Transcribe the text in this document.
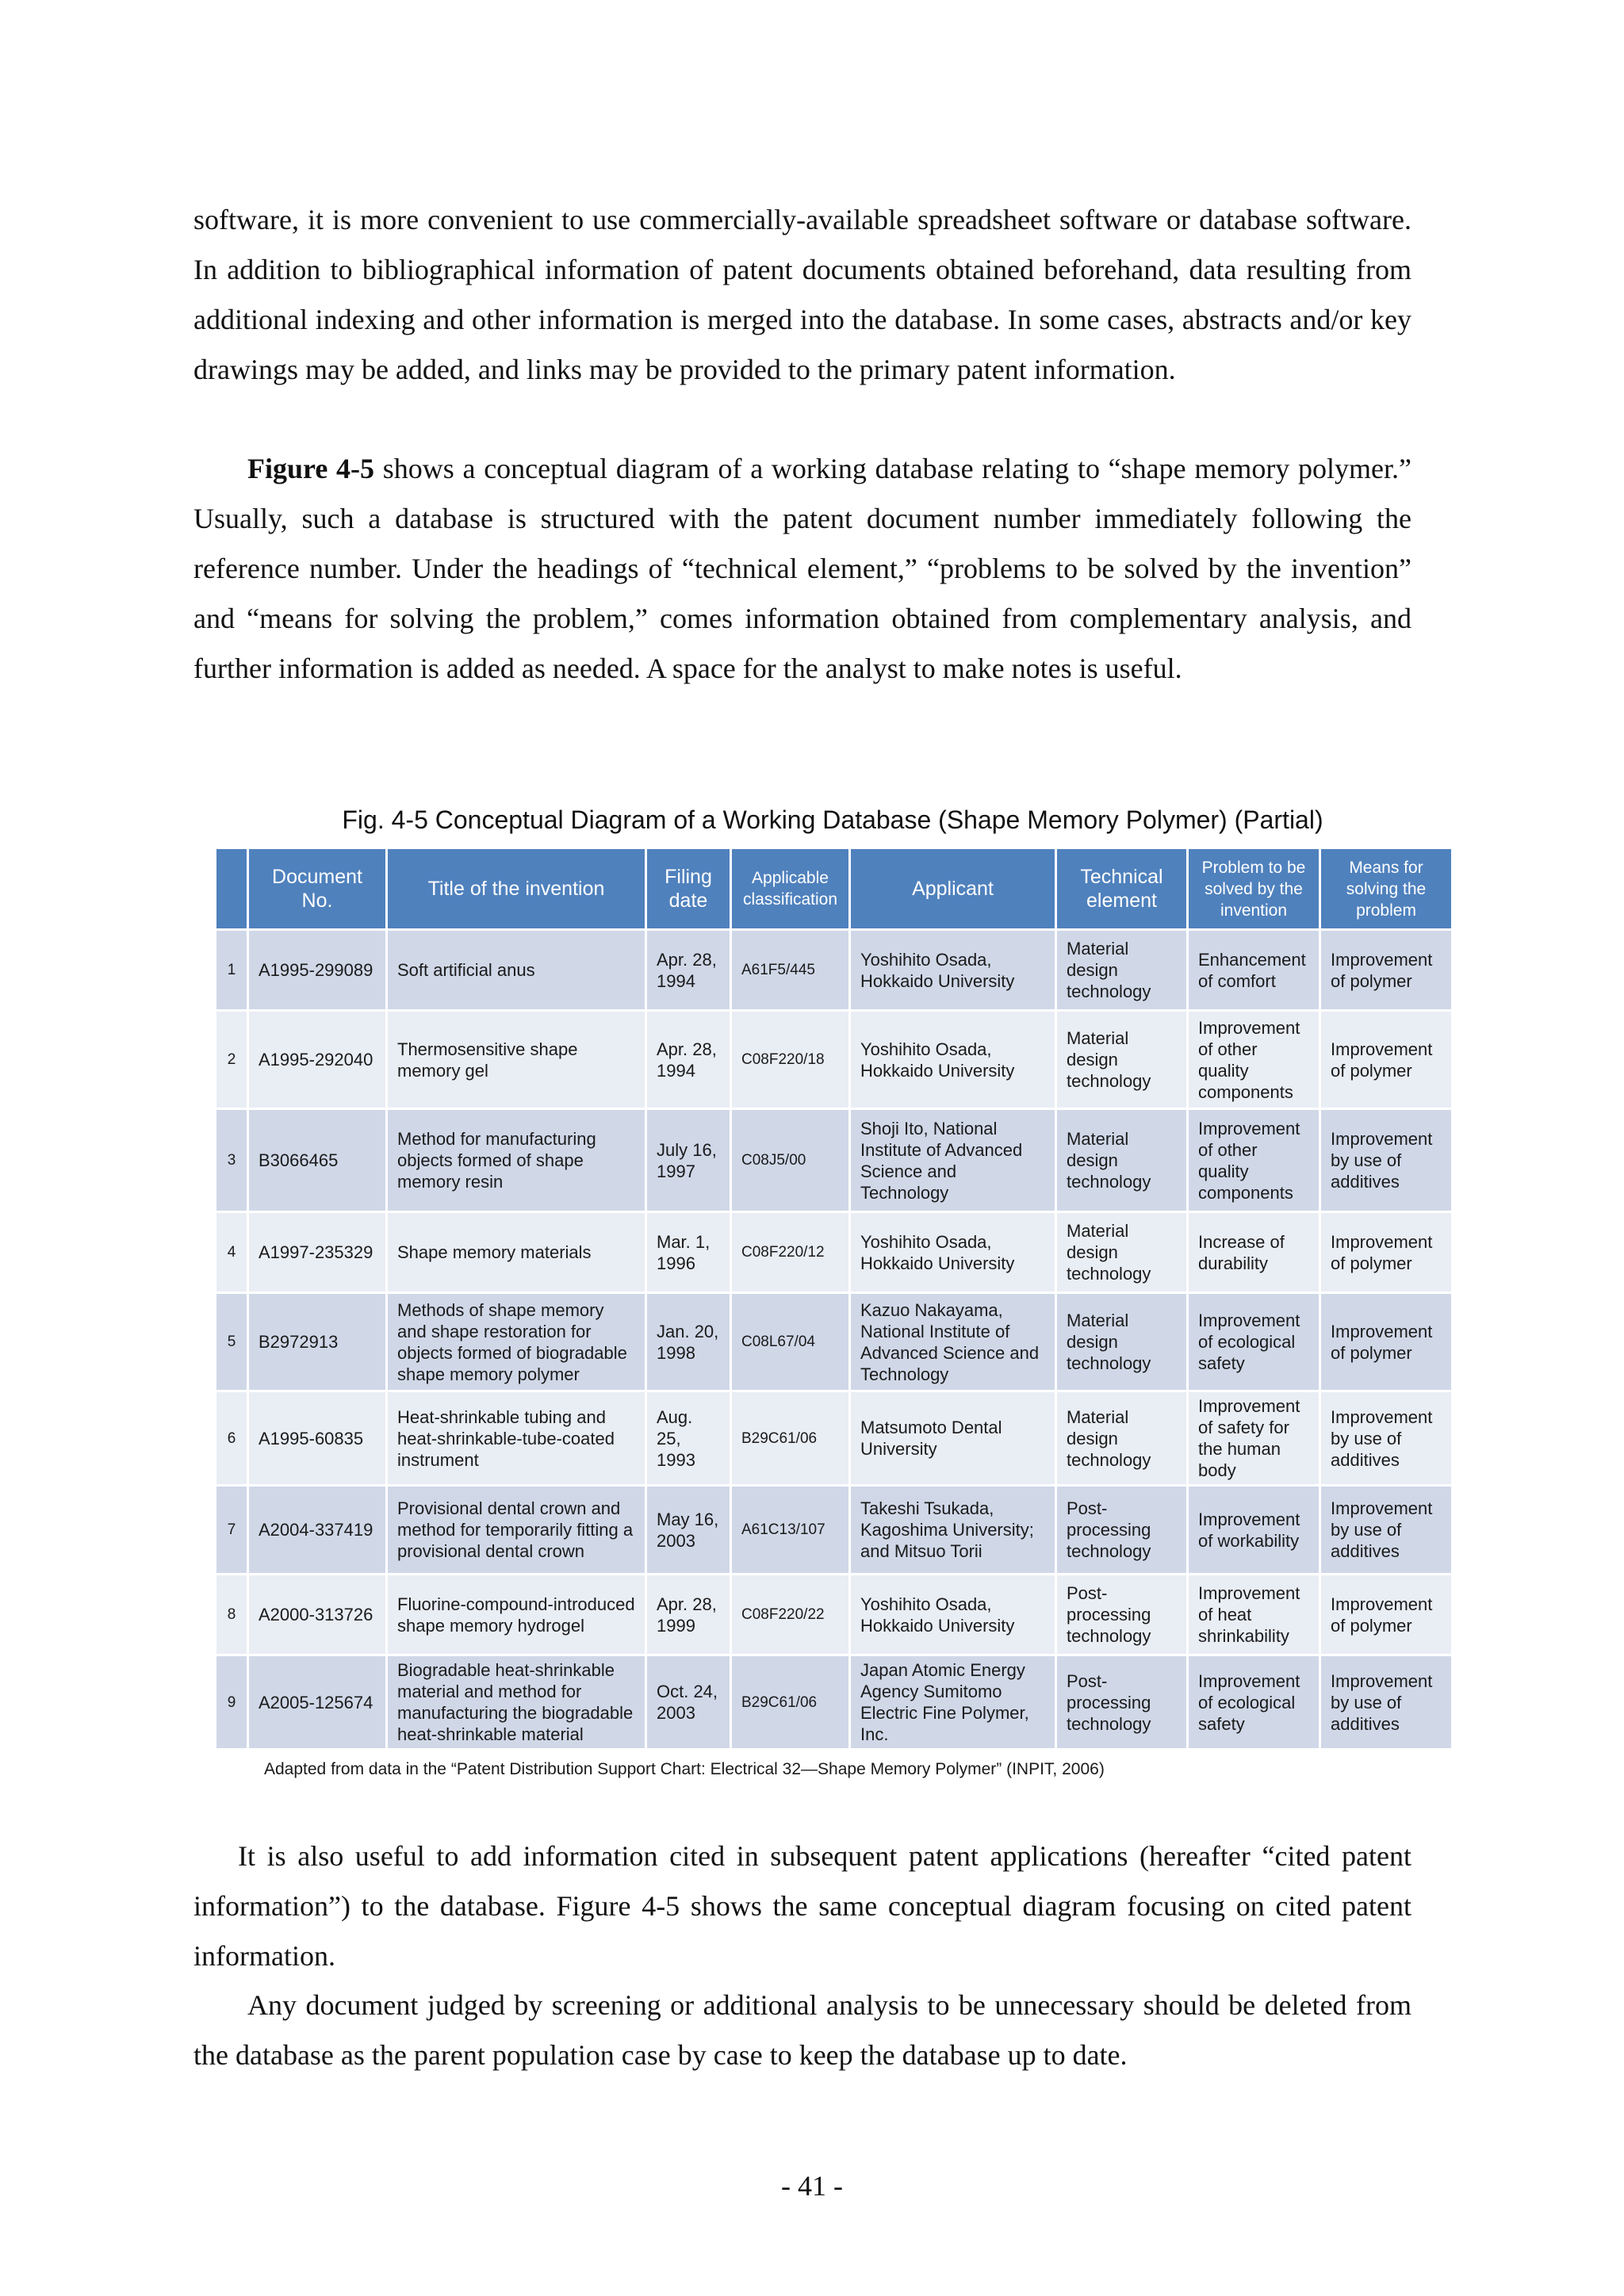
software, it is more convenient to use commercially-available spreadsheet software or database software. In addition to bibliographical information of patent documents obtained beforehand, data resulting from additional indexing and other information is merged into the database. In some cases, abstracts and/or key drawings may be added, and links may be provided to the primary patent information.

Figure 4-5 shows a conceptual diagram of a working database relating to “shape memory polymer.” Usually, such a database is structured with the patent document number immediately following the reference number. Under the headings of “technical element,” “problems to be solved by the invention” and “means for solving the problem,” comes information obtained from complementary analysis, and further information is added as needed. A space for the analyst to make notes is useful.

Fig. 4-5 Conceptual Diagram of a Working Database (Shape Memory Polymer) (Partial)
	Document No.	Title of the invention	Filing date	Applicable classification	Applicant	Technical element	Problem to be solved by the invention	Means for solving the problem
1	A1995-299089	Soft artificial anus	Apr. 28, 1994	A61F5/445	Yoshihito Osada, Hokkaido University	Material design technology	Enhancement of comfort	Improvement of polymer
2	A1995-292040	Thermosensitive shape memory gel	Apr. 28, 1994	C08F220/18	Yoshihito Osada, Hokkaido University	Material design technology	Improvement of other quality components	Improvement of polymer
3	B3066465	Method for manufacturing objects formed of shape memory resin	July 16, 1997	C08J5/00	Shoji Ito, National Institute of Advanced Science and Technology	Material design technology	Improvement of other quality components	Improvement by use of additives
4	A1997-235329	Shape memory materials	Mar. 1, 1996	C08F220/12	Yoshihito Osada, Hokkaido University	Material design technology	Increase of durability	Improvement of polymer
5	B2972913	Methods of shape memory and shape restoration for objects formed of biogradable shape memory polymer	Jan. 20, 1998	C08L67/04	Kazuo Nakayama, National Institute of Advanced Science and Technology	Material design technology	Improvement of ecological safety	Improvement of polymer
6	A1995-60835	Heat-shrinkable tubing and heat-shrinkable-tube-coated instrument	Aug. 25, 1993	B29C61/06	Matsumoto Dental University	Material design technology	Improvement of safety for the human body	Improvement by use of additives
7	A2004-337419	Provisional dental crown and method for temporarily fitting a provisional dental crown	May 16, 2003	A61C13/107	Takeshi Tsukada, Kagoshima University; and Mitsuo Torii	Post-processing technology	Improvement of workability	Improvement by use of additives
8	A2000-313726	Fluorine-compound-introduced shape memory hydrogel	Apr. 28, 1999	C08F220/22	Yoshihito Osada, Hokkaido University	Post-processing technology	Improvement of heat shrinkability	Improvement of polymer
9	A2005-125674	Biogradable heat-shrinkable material and method for manufacturing the biogradable heat-shrinkable material	Oct. 24, 2003	B29C61/06	Japan Atomic Energy Agency Sumitomo Electric Fine Polymer, Inc.	Post-processing technology	Improvement of ecological safety	Improvement by use of additives
Adapted from data in the “Patent Distribution Support Chart: Electrical 32—Shape Memory Polymer” (INPIT, 2006)

It is also useful to add information cited in subsequent patent applications (hereafter “cited patent information”) to the database. Figure 4-5 shows the same conceptual diagram focusing on cited patent information.

Any document judged by screening or additional analysis to be unnecessary should be deleted from the database as the parent population case by case to keep the database up to date.

- 41 -
